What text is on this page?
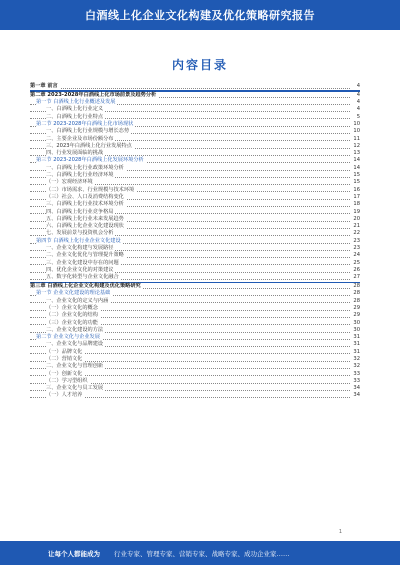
白酒线上化企业文化构建及优化策略研究报告
内容目录
第一章 前言	4
第二章 2023-2028年白酒线上化市场前景及趋势分析	4
第一节 白酒线上化行业概述及发展	4
一、白酒线上化行业定义	4
二、白酒线上化行业特点	5
第二节 2023-2028年白酒线上化市场现状	10
一、白酒线上化行业规模与增长态势	10
二、主要企业及市场份额分布	11
三、2023年白酒线上化行业发展特点	12
四、行业发展面临的挑战	13
第三节 2023-2028年白酒线上化发展环境分析	14
一、白酒线上化行业政策环境分析	14
二、白酒线上化行业经济环境	15
（一）宏观经济环境	15
（二）市场需求、行业规模与技术环境	16
（三）社会、人口及消费结构变化	17
三、白酒线上化行业技术环境分析	18
四、白酒线上化行业竞争格局	19
五、白酒线上化行业未来发展趋势	20
六、白酒线上化企业文化建设现状	21
七、发展前景与投资机会分析	22
第四节 白酒线上化行业企业文化建设	23
一、企业文化构建与发展路径	23
二、企业文化优化与管理提升策略	24
三、企业文化建设中存在的问题	25
四、优化企业文化的对策建议	26
五、数字化转型与企业文化融合	27
第三章 白酒线上化企业文化构建及优化策略研究	28
第一节 企业文化建设的理论基础	28
一、企业文化的定义与内涵	28
（一）企业文化的概念	29
（二）企业文化的结构	29
（三）企业文化的功能	30
二、企业文化建设的方法	30
第二节 企业文化与企业发展	31
一、企业文化与品牌建设	31
（一）品牌文化	31
（二）营销文化	32
二、企业文化与管理创新	32
（一）创新文化	33
（二）学习型组织	33
三、企业文化与员工发展	34
（一）人才培养	34
1
让每个人都能成为	行业专家、管理专家、营销专家、战略专家、成功企业家……
